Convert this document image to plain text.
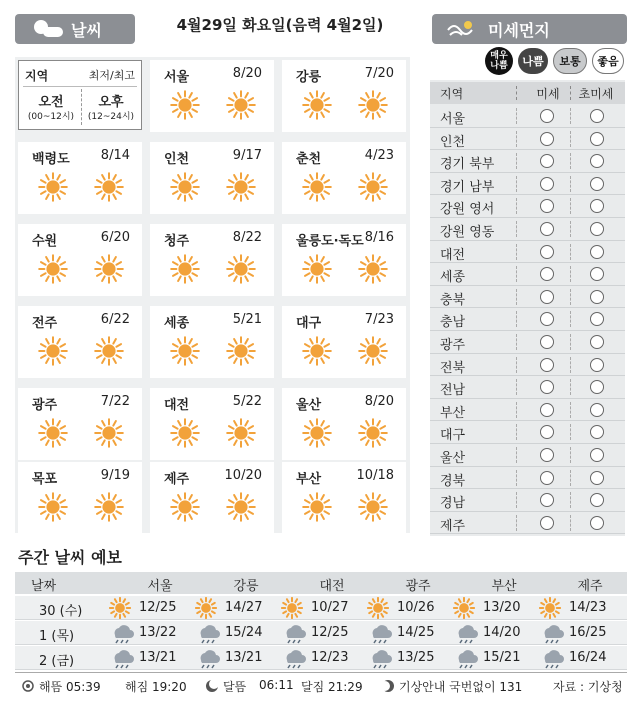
날씨	4월29일 화요일(음력 4월2일)	미세먼지
지역	최저/최고
오전	오후
(00~12시)	(12~24시)
서울	8/20	강릉	7/20
백령도 8/14	인천	9/17	춘천	4/23
수원	6/20	청주	8/22	울릉도·독도 8/16
전주	6/22	세종	5/21	대구	7/23
광주	7/22	대전	5/22	울산	8/20
목포	9/19	제주	10/20	부산	10/18
매우 나쁨	나쁨	보통	좋음
지역	미세	초미세
서울
인천
경기 북부
경기 남부
강원 영서
강원 영동
대전
세종
충북
충남
광주
전북
전남
부산
대구
울산
경북
경남
제주
주간 날씨 예보
날짜	서울	강릉	대전	광주	부산	제주
30 (수)	12/25	14/27	10/27	10/26	13/20	14/23
1 (목)	13/22	15/24	12/25	14/25	14/20	16/25
2 (금)	13/21	13/21	12/23	13/25	15/21	16/24
해뜸 05:39 해짐 19:20	달뜸 06:11 달짐 21:29	기상안내 국번없이 131	자료 : 기상청
